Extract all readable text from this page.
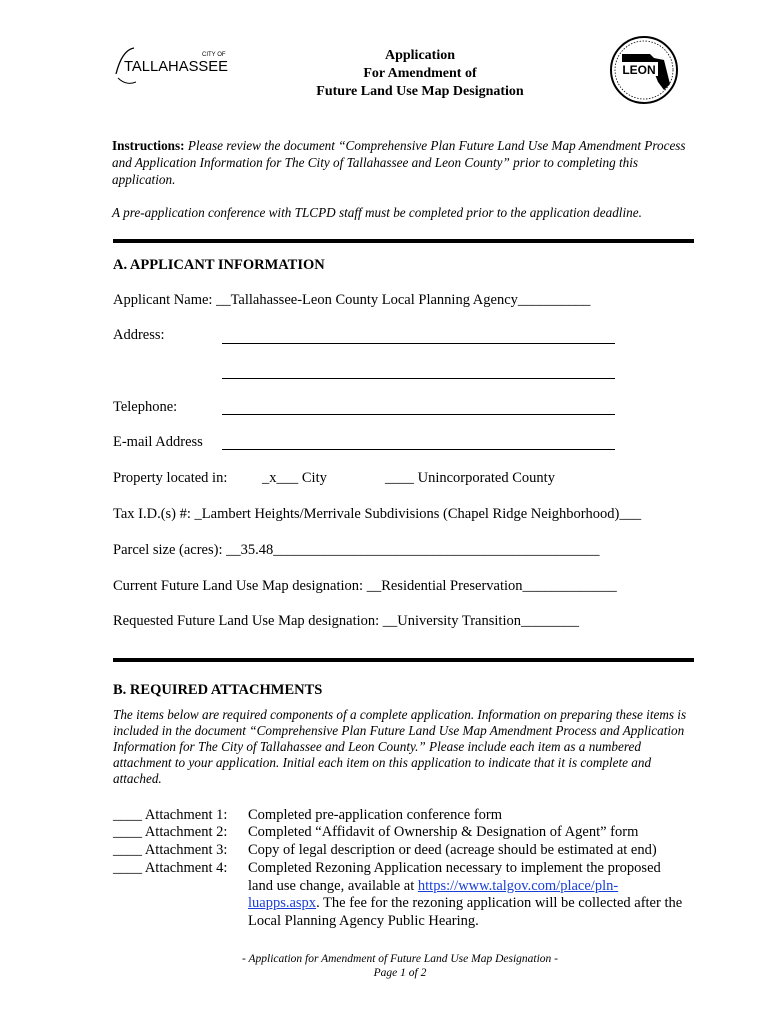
CITY OF
TALLAHASSEE	LEON
Application
For Amendment of
Future Land Use Map Designation
Instructions: Please review the document “Comprehensive Plan Future Land Use Map Amendment Process and Application Information for The City of Tallahassee and Leon County” prior to completing this application.
A pre-application conference with TLCPD staff must be completed prior to the application deadline.
A. APPLICANT INFORMATION
Applicant Name: __Tallahassee-Leon County Local Planning Agency__________
Address:
Telephone:
E-mail Address
Property located in: _x___ City	____ Unincorporated County
Tax I.D.(s) #: _Lambert Heights/Merrivale Subdivisions (Chapel Ridge Neighborhood)___
Parcel size (acres): __35.48_____________________________________________
Current Future Land Use Map designation: __Residential Preservation_____________
Requested Future Land Use Map designation: __University Transition________
B. REQUIRED ATTACHMENTS
The items below are required components of a complete application. Information on preparing these items is included in the document “Comprehensive Plan Future Land Use Map Amendment Process and Application Information for The City of Tallahassee and Leon County.” Please include each item as a numbered attachment to your application. Initial each item on this application to indicate that it is complete and attached.
____ Attachment 1: Completed pre-application conference form
____ Attachment 2: Completed “Affidavit of Ownership & Designation of Agent” form
____ Attachment 3: Copy of legal description or deed (acreage should be estimated at end)
____ Attachment 4: Completed Rezoning Application necessary to implement the proposed land use change, available at https://www.talgov.com/place/pln-luapps.aspx. The fee for the rezoning application will be collected after the Local Planning Agency Public Hearing.
- Application for Amendment of Future Land Use Map Designation -
Page 1 of 2
